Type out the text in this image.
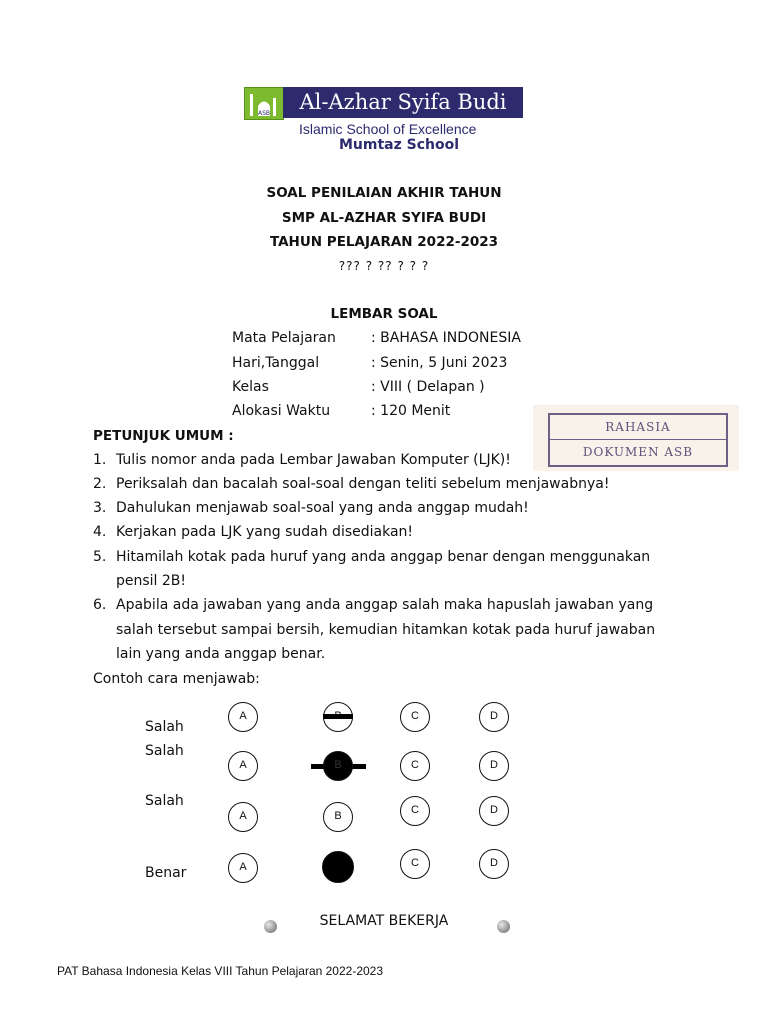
ASB	Al-Azhar Syifa Budi
Islamic School of Excellence
Mumtaz School
SOAL PENILAIAN AKHIR TAHUN
SMP AL-AZHAR SYIFA BUDI
TAHUN PELAJARAN 2022-2023
??? ? ?? ? ? ?
LEMBAR SOAL
Mata Pelajaran	: BAHASA INDONESIA
Hari,Tanggal	: Senin, 5 Juni 2023
Kelas	: VIII ( Delapan )
Alokasi Waktu	: 120 Menit
RAHASIA
DOKUMEN ASB
PETUNJUK UMUM :
1. Tulis nomor anda pada Lembar Jawaban Komputer (LJK)!
2. Periksalah dan bacalah soal-soal dengan teliti sebelum menjawabnya!
3. Dahulukan menjawab soal-soal yang anda anggap mudah!
4. Kerjakan pada LJK yang sudah disediakan!
5. Hitamilah kotak pada huruf yang anda anggap benar dengan menggunakan
pensil 2B!
6. Apabila ada jawaban yang anda anggap salah maka hapuslah jawaban yang
salah tersebut sampai bersih, kemudian hitamkan kotak pada huruf jawaban
lain yang anda anggap benar.
Contoh cara menjawab:
Salah
A	C	D
Salah
A	B	C	D
Salah
A	B	C	D
Benar	A	C	D
SELAMAT BEKERJA
PAT Bahasa Indonesia Kelas VIII Tahun Pelajaran 2022-2023
